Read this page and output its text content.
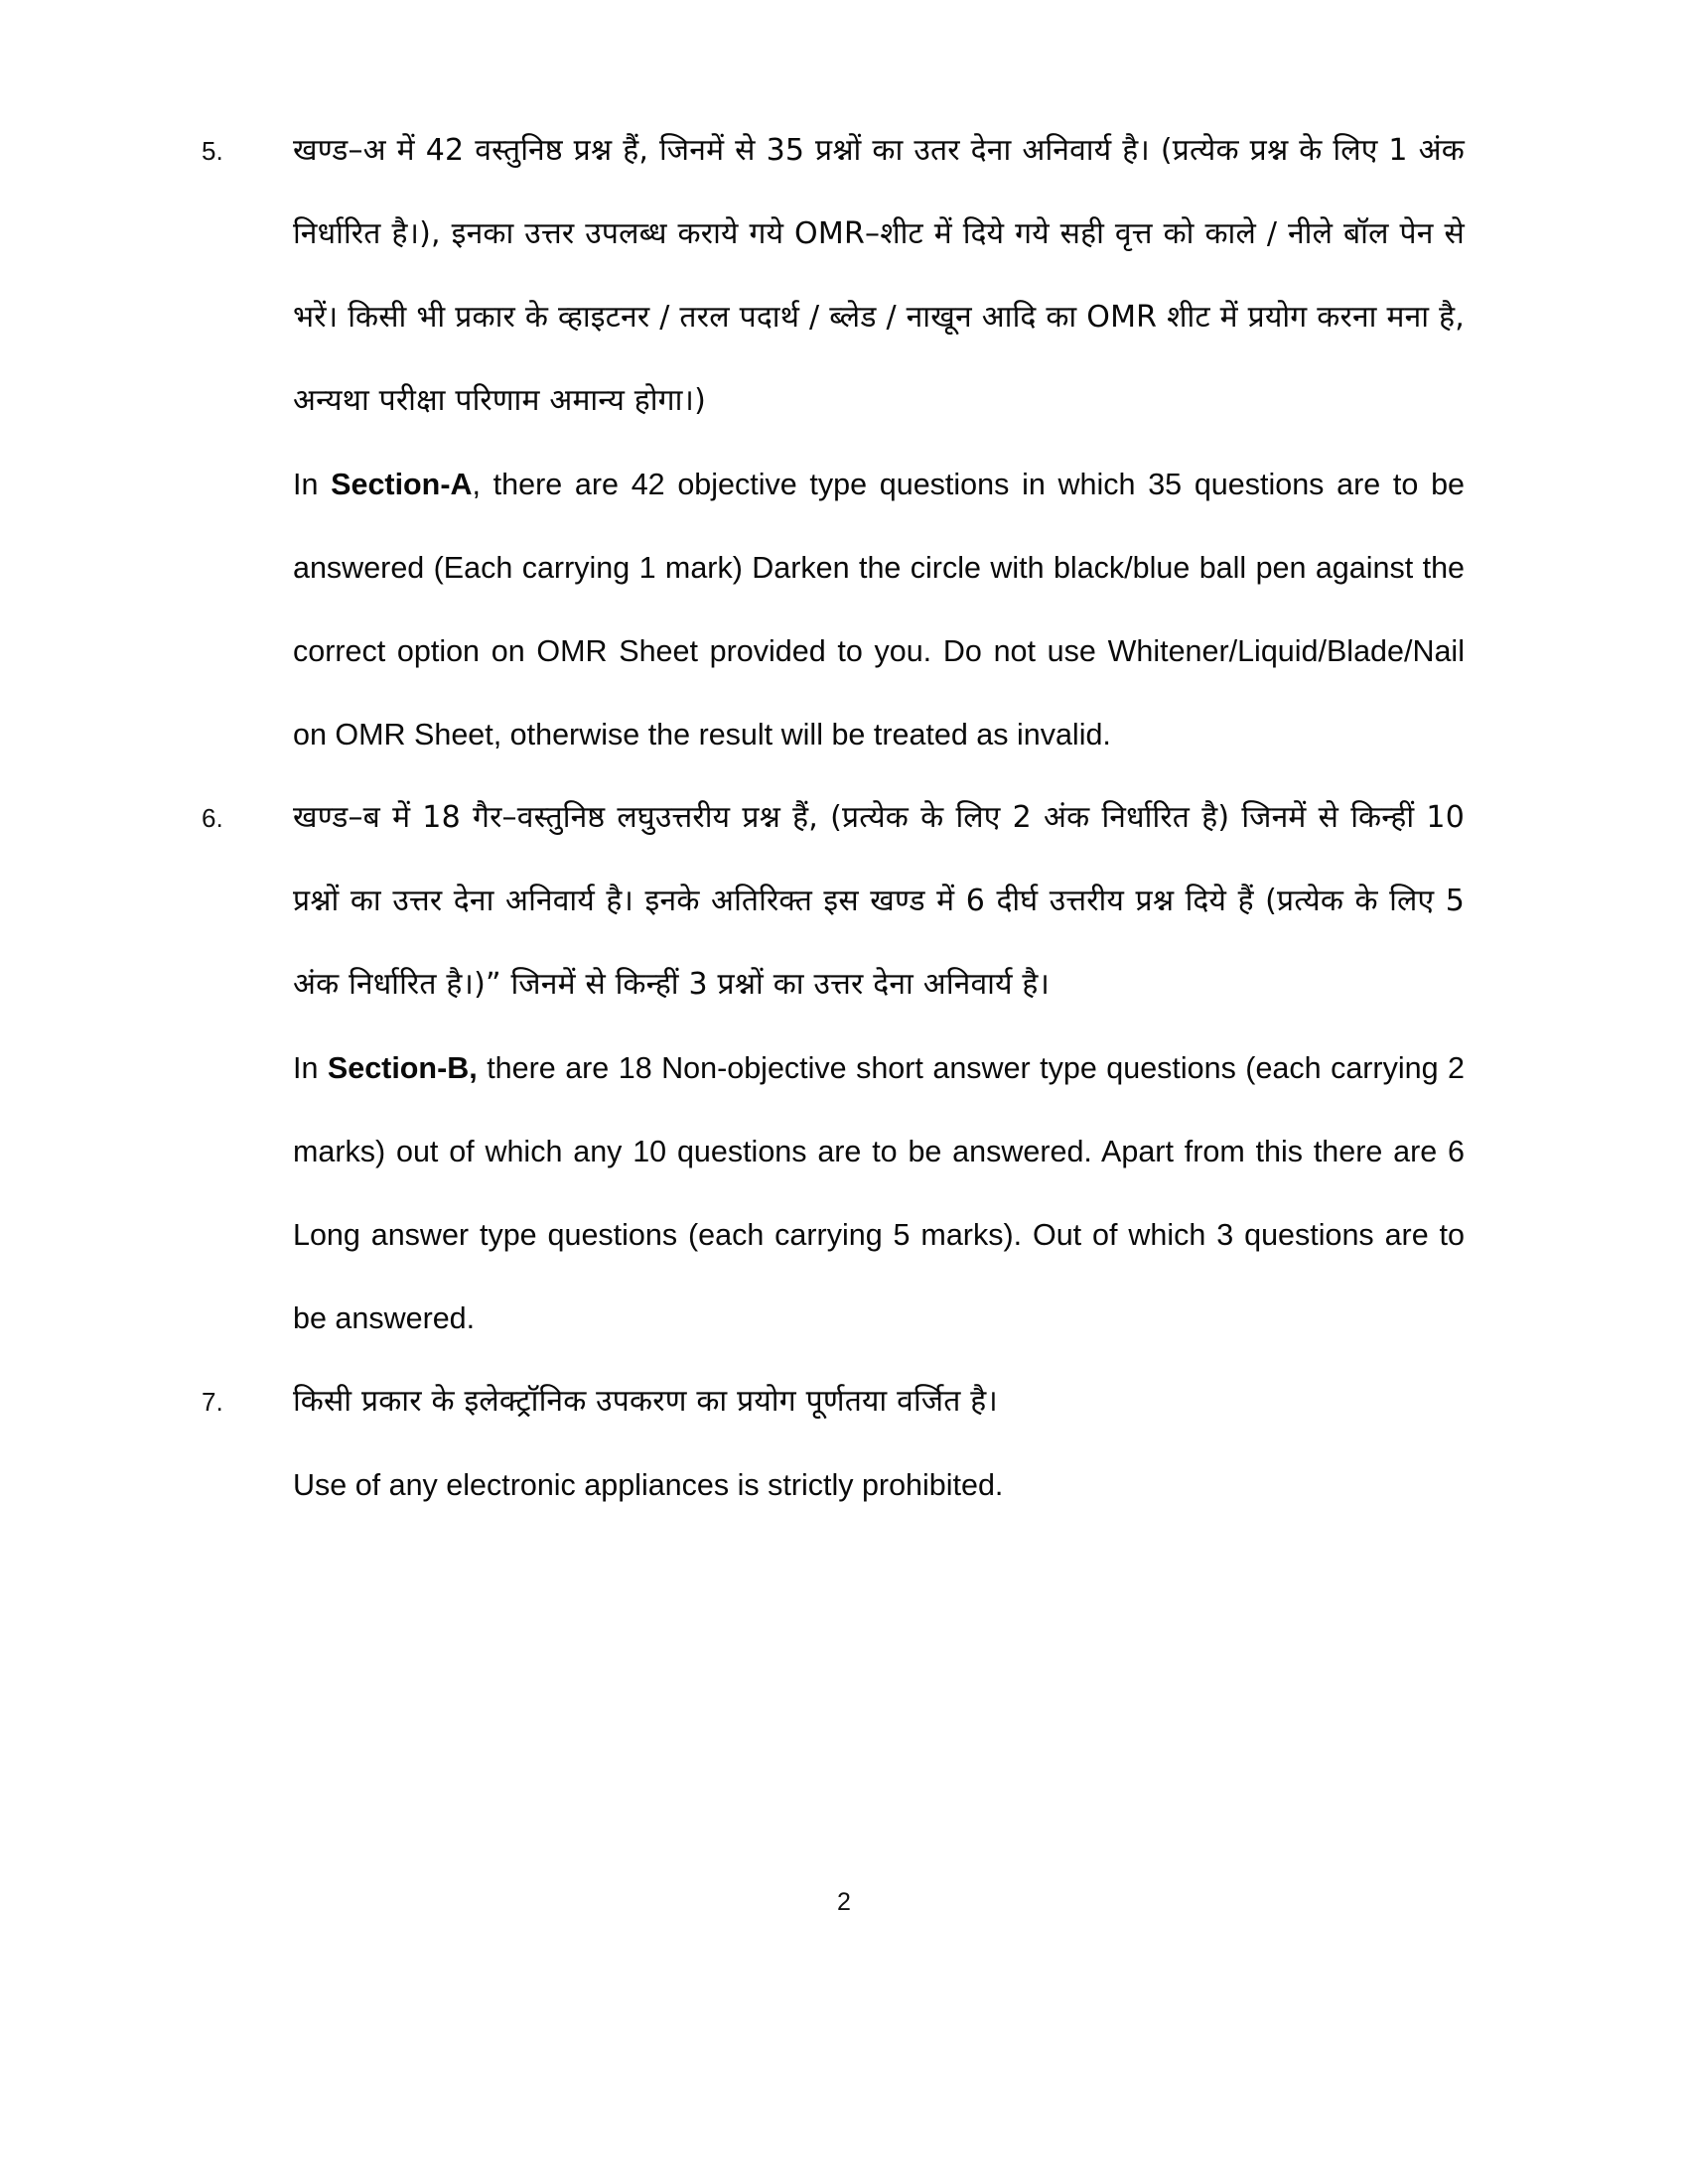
5.	खण्ड–अ में 42 वस्तुनिष्ठ प्रश्न हैं, जिनमें से 35 प्रश्नों का उतर देना अनिवार्य है। (प्रत्येक प्रश्न के लिए 1 अंक निर्धारित है।), इनका उत्तर उपलब्ध कराये गये OMR–शीट में दिये गये सही वृत्त को काले / नीले बॉल पेन से भरें। किसी भी प्रकार के व्हाइटनर / तरल पदार्थ / ब्लेड / नाखून आदि का OMR शीट में प्रयोग करना मना है, अन्यथा परीक्षा परिणाम अमान्य होगा।)

In Section-A, there are 42 objective type questions in which 35 questions are to be answered (Each carrying 1 mark) Darken the circle with black/blue ball pen against the correct option on OMR Sheet provided to you. Do not use Whitener/Liquid/Blade/Nail on OMR Sheet, otherwise the result will be treated as invalid.

6.	खण्ड–ब में 18 गैर–वस्तुनिष्ठ लघुउत्तरीय प्रश्न हैं, (प्रत्येक के लिए 2 अंक निर्धारित है) जिनमें से किन्हीं 10 प्रश्नों का उत्तर देना अनिवार्य है। इनके अतिरिक्त इस खण्ड में 6 दीर्घ उत्तरीय प्रश्न दिये हैं (प्रत्येक के लिए 5 अंक निर्धारित है।)” जिनमें से किन्हीं 3 प्रश्नों का उत्तर देना अनिवार्य है।

In Section-B, there are 18 Non-objective short answer type questions (each carrying 2 marks) out of which any 10 questions are to be answered. Apart from this there are 6 Long answer type questions (each carrying 5 marks). Out of which 3 questions are to be answered.

7.	किसी प्रकार के इलेक्ट्रॉनिक उपकरण का प्रयोग पूर्णतया वर्जित है।

Use of any electronic appliances is strictly prohibited.

2
